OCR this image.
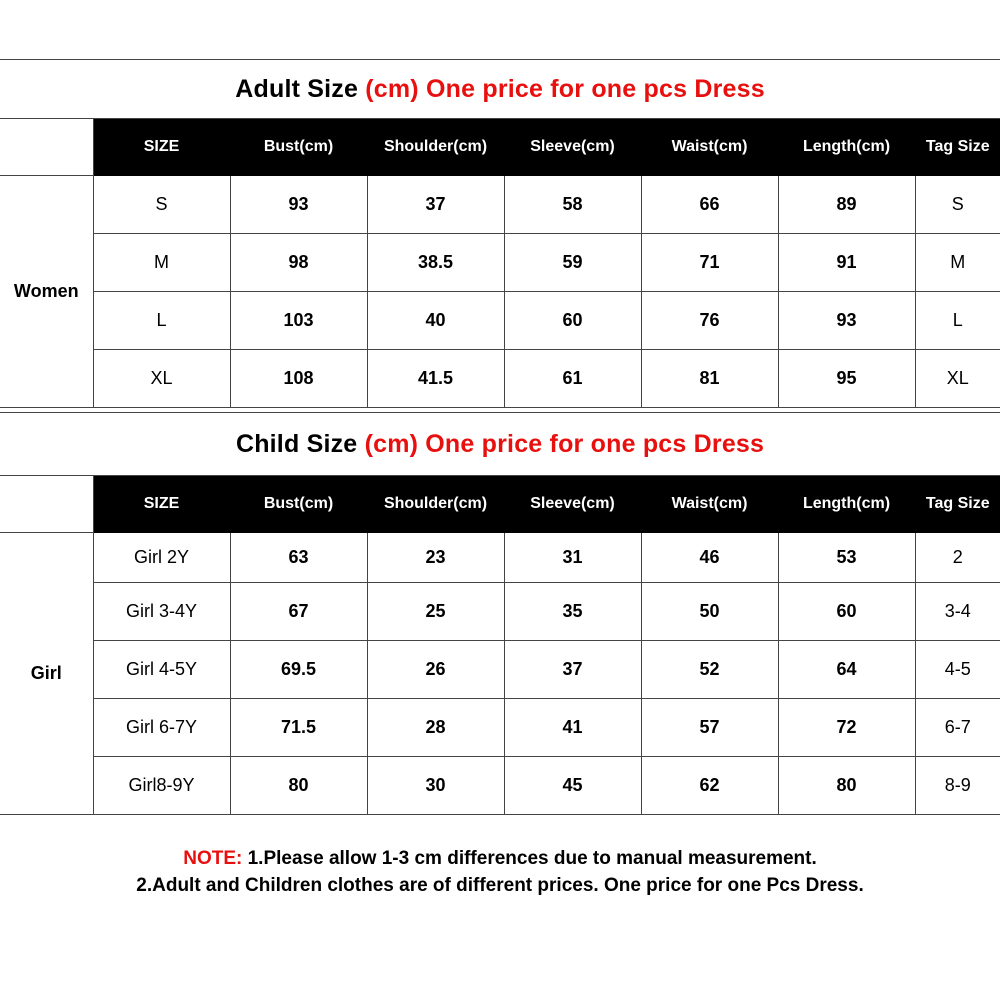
Adult Size (cm) One price for one pcs Dress							
	SIZE	Bust(cm)	Shoulder(cm)	Sleeve(cm)	Waist(cm)	Length(cm)	Tag Size
Women	S	93	37	58	66	89	S
	M	98	38.5	59	71	91	M
	L	103	40	60	76	93	L
	XL	108	41.5	61	81	95	XL
Child Size (cm) One price for one pcs Dress							
	SIZE	Bust(cm)	Shoulder(cm)	Sleeve(cm)	Waist(cm)	Length(cm)	Tag Size
Girl	Girl 2Y	63	23	31	46	53	2
	Girl 3-4Y	67	25	35	50	60	3-4
	Girl 4-5Y	69.5	26	37	52	64	4-5
	Girl 6-7Y	71.5	28	41	57	72	6-7
	Girl8-9Y	80	30	45	62	80	8-9
NOTE: 1.Please allow 1-3 cm differences due to manual measurement.
2.Adult and Children clothes are of different prices. One price for one Pcs Dress.
